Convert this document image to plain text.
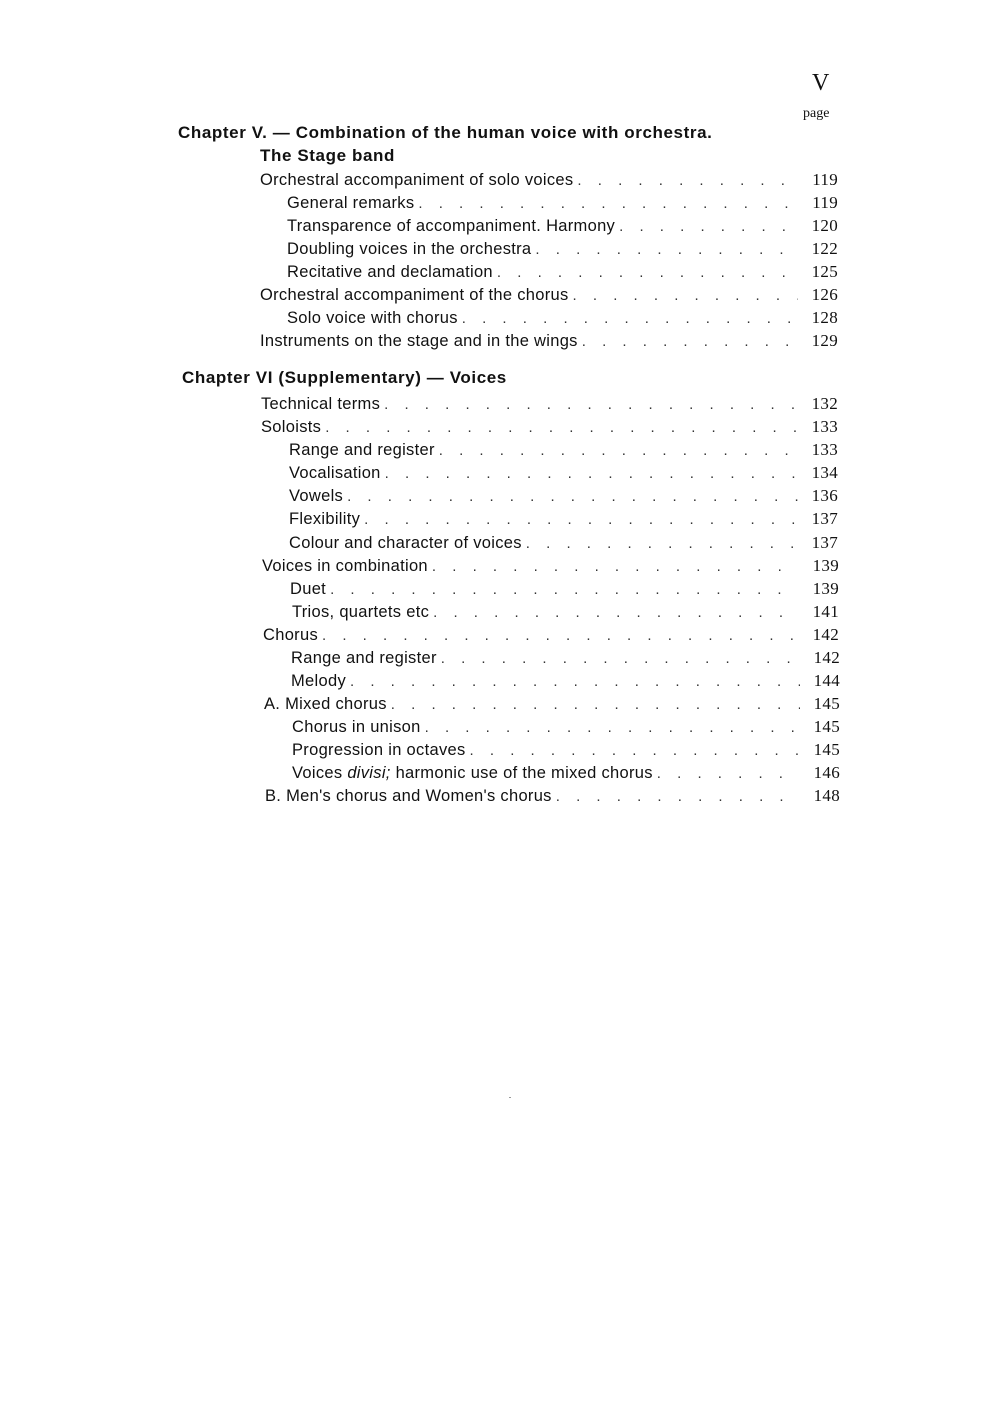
V
page
Chapter V. — Combination of the human voice with orchestra.
The Stage band
Orchestral accompaniment of solo voices . . .	119
General remarks . . .	119
Transparence of accompaniment. Harmony . . .	120
Doubling voices in the orchestra . . .	122
Recitative and declamation . . .	125
Orchestral accompaniment of the chorus . . .	126
Solo voice with chorus . . .	128
Instruments on the stage and in the wings . . .	129
Chapter VI (Supplementary) — Voices
Technical terms . . .	132
Soloists . . .	133
Range and register . . .	133
Vocalisation . . .	134
Vowels . . .	136
Flexibility . . .	137
Colour and character of voices . . .	137
Voices in combination . . .	139
Duet . . .	139
Trios, quartets etc . . .	141
Chorus . . .	142
Range and register . . .	142
Melody . . .	144
A. Mixed chorus . . .	145
Chorus in unison . . .	145
Progression in octaves . . .	145
Voices divisi; harmonic use of the mixed chorus . . .	146
B. Men's chorus and Women's chorus . . .	148
